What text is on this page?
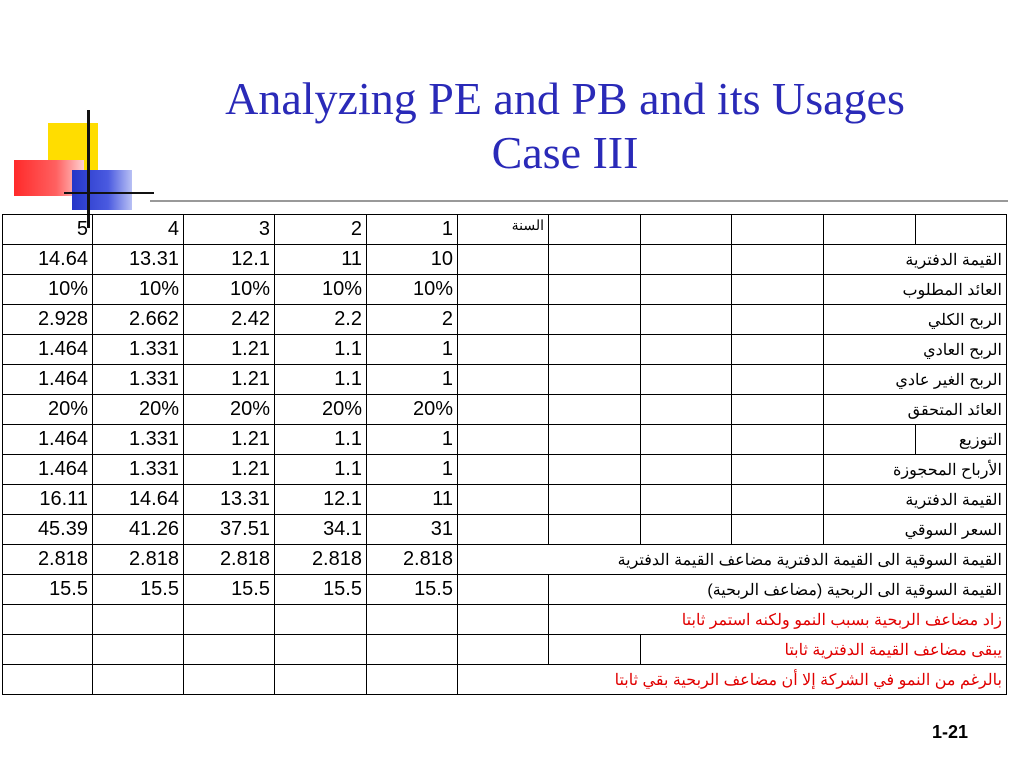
Analyzing PE and PB and its Usages
Case III
5	4	3	2	1	السنة					
14.64	13.31	12.1	11	10					القيمة الدفترية	
10%	10%	10%	10%	10%					العائد المطلوب	
2.928	2.662	2.42	2.2	2					الربح الكلي	
1.464	1.331	1.21	1.1	1					الربح العادي	
1.464	1.331	1.21	1.1	1					الربح الغير عادي	
20%	20%	20%	20%	20%					العائد المتحقق	
1.464	1.331	1.21	1.1	1						التوزيع
1.464	1.331	1.21	1.1	1					الأرباح المحجوزة	
16.11	14.64	13.31	12.1	11					القيمة الدفترية	
45.39	41.26	37.51	34.1	31					السعر السوقي	
2.818	2.818	2.818	2.818	2.818	القيمة السوقية الى القيمة الدفترية مضاعف القيمة الدفترية					
15.5	15.5	15.5	15.5	15.5		القيمة السوقية الى الربحية (مضاعف الربحية)				
						زاد مضاعف الربحية بسبب النمو ولكنه استمر ثابتا				
							يبقى مضاعف القيمة الدفترية ثابتا			
					بالرغم من النمو في الشركة إلا أن مضاعف الربحية بقي ثابتا					
1-21
